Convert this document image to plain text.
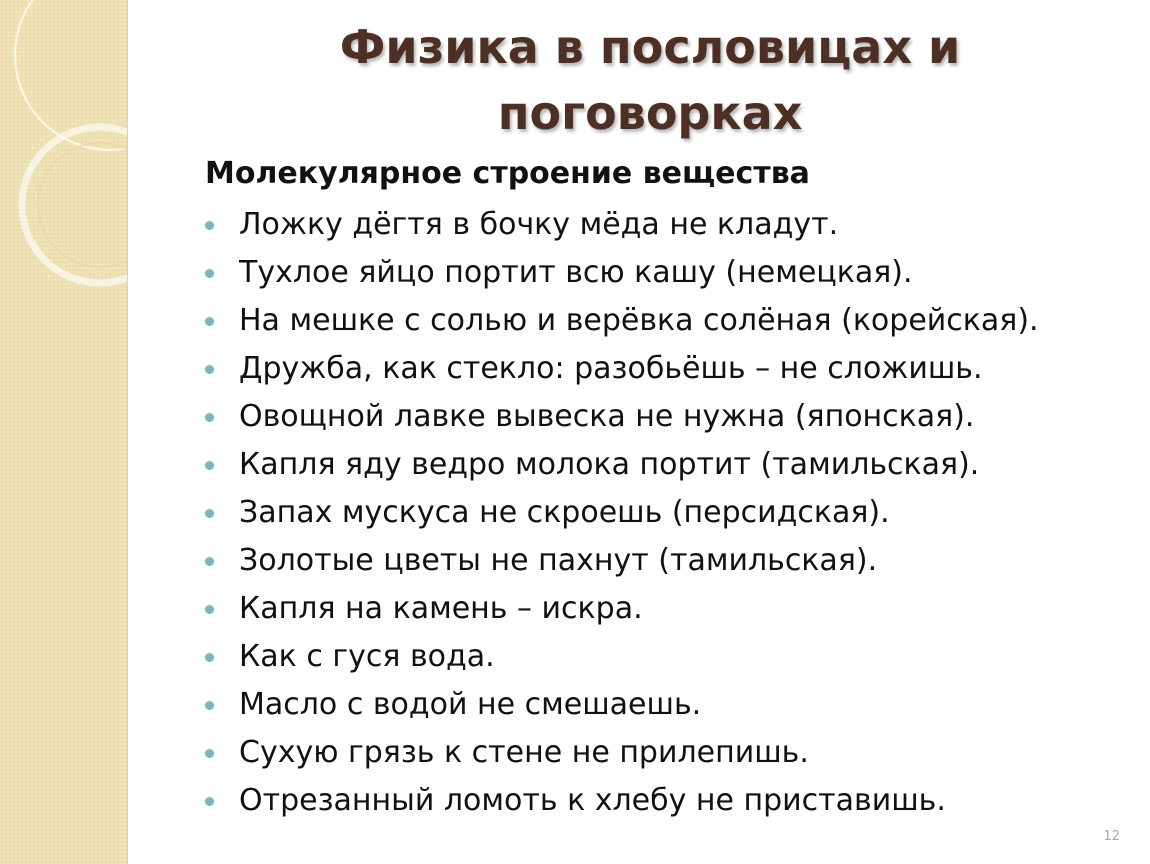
Физика в пословицах и
поговорках

Молекулярное строение вещества

Ложку дёгтя в бочку мёда не кладут.
Тухлое яйцо портит всю кашу (немецкая).
На мешке с солью и верёвка солёная (корейская).
Дружба, как стекло: разобьёшь – не сложишь.
Овощной лавке вывеска не нужна (японская).
Капля яду ведро молока портит (тамильская).
Запах мускуса не скроешь (персидская).
Золотые цветы не пахнут (тамильская).
Капля на камень – искра.
Как с гуся вода.
Масло с водой не смешаешь.
Сухую грязь к стене не прилепишь.
Отрезанный ломоть к хлебу не приставишь.
12
